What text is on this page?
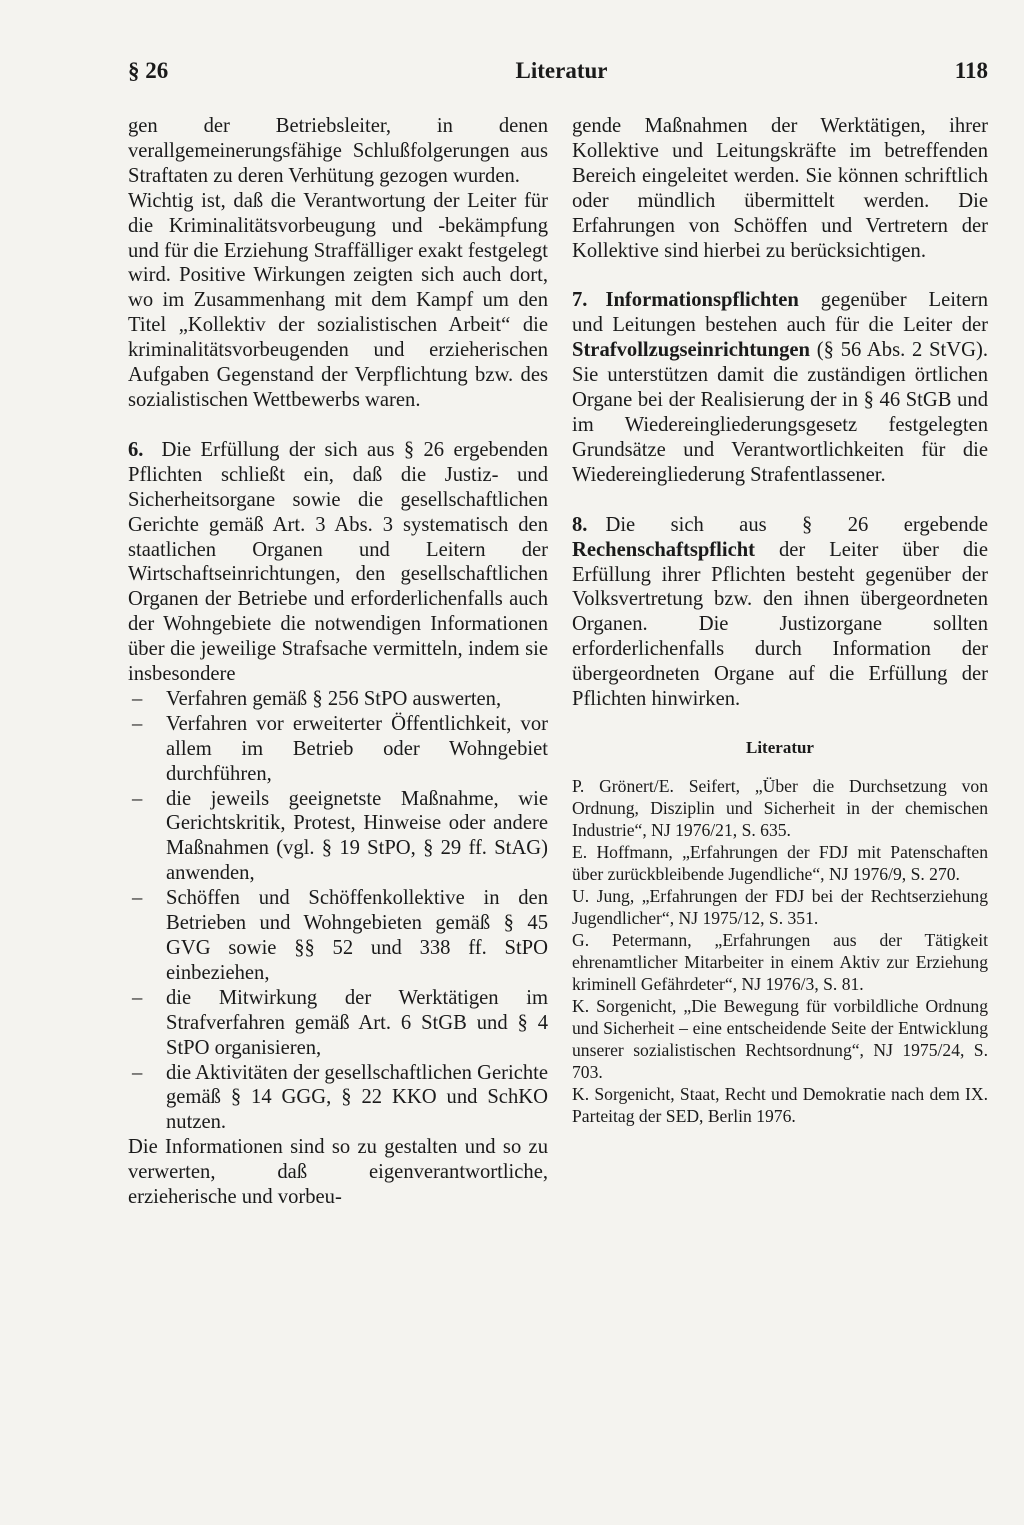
§ 26	Literatur	118

gen der Betriebsleiter, in denen verallgemeinerungsfähige Schlußfolgerungen aus Straftaten zu deren Verhütung gezogen wurden.

Wichtig ist, daß die Verantwortung der Leiter für die Kriminalitätsvorbeugung und -bekämpfung und für die Erziehung Straffälliger exakt festgelegt wird. Positive Wirkungen zeigten sich auch dort, wo im Zusammenhang mit dem Kampf um den Titel „Kollektiv der sozialistischen Arbeit“ die kriminalitätsvorbeugenden und erzieherischen Aufgaben Gegenstand der Verpflichtung bzw. des sozialistischen Wettbewerbs waren.

6. Die Erfüllung der sich aus § 26 ergebenden Pflichten schließt ein, daß die Justiz- und Sicherheitsorgane sowie die gesellschaftlichen Gerichte gemäß Art. 3 Abs. 3 systematisch den staatlichen Organen und Leitern der Wirtschaftseinrichtungen, den gesellschaftlichen Organen der Betriebe und erforderlichenfalls auch der Wohngebiete die notwendigen Informationen über die jeweilige Strafsache vermitteln, indem sie insbesondere

– Verfahren gemäß § 256 StPO auswerten,
– Verfahren vor erweiterter Öffentlichkeit, vor allem im Betrieb oder Wohngebiet durchführen,
– die jeweils geeignetste Maßnahme, wie Gerichtskritik, Protest, Hinweise oder andere Maßnahmen (vgl. § 19 StPO, § 29 ff. StAG) anwenden,
– Schöffen und Schöffenkollektive in den Betrieben und Wohngebieten gemäß § 45 GVG sowie §§ 52 und 338 ff. StPO einbeziehen,
– die Mitwirkung der Werktätigen im Strafverfahren gemäß Art. 6 StGB und § 4 StPO organisieren,
– die Aktivitäten der gesellschaftlichen Gerichte gemäß § 14 GGG, § 22 KKO und SchKO nutzen.

Die Informationen sind so zu gestalten und so zu verwerten, daß eigenverantwortliche, erzieherische und vorbeu-

gende Maßnahmen der Werktätigen, ihrer Kollektive und Leitungskräfte im betreffenden Bereich eingeleitet werden. Sie können schriftlich oder mündlich übermittelt werden. Die Erfahrungen von Schöffen und Vertretern der Kollektive sind hierbei zu berücksichtigen.

7. Informationspflichten gegenüber Leitern und Leitungen bestehen auch für die Leiter der Strafvollzugseinrichtungen (§ 56 Abs. 2 StVG). Sie unterstützen damit die zuständigen örtlichen Organe bei der Realisierung der in § 46 StGB und im Wiedereingliederungsgesetz festgelegten Grundsätze und Verantwortlichkeiten für die Wiedereingliederung Strafentlassener.

8. Die sich aus § 26 ergebende Rechenschaftspflicht der Leiter über die Erfüllung ihrer Pflichten besteht gegenüber der Volksvertretung bzw. den ihnen übergeordneten Organen. Die Justizorgane sollten erforderlichenfalls durch Information der übergeordneten Organe auf die Erfüllung der Pflichten hinwirken.

Literatur

P. Grönert/E. Seifert, „Über die Durchsetzung von Ordnung, Disziplin und Sicherheit in der chemischen Industrie“, NJ 1976/21, S. 635.

E. Hoffmann, „Erfahrungen der FDJ mit Patenschaften über zurückbleibende Jugendliche“, NJ 1976/9, S. 270.

U. Jung, „Erfahrungen der FDJ bei der Rechtserziehung Jugendlicher“, NJ 1975/12, S. 351.

G. Petermann, „Erfahrungen aus der Tätigkeit ehrenamtlicher Mitarbeiter in einem Aktiv zur Erziehung kriminell Gefährdeter“, NJ 1976/3, S. 81.

K. Sorgenicht, „Die Bewegung für vorbildliche Ordnung und Sicherheit – eine entscheidende Seite der Entwicklung unserer sozialistischen Rechtsordnung“, NJ 1975/24, S. 703.

K. Sorgenicht, Staat, Recht und Demokratie nach dem IX. Parteitag der SED, Berlin 1976.
